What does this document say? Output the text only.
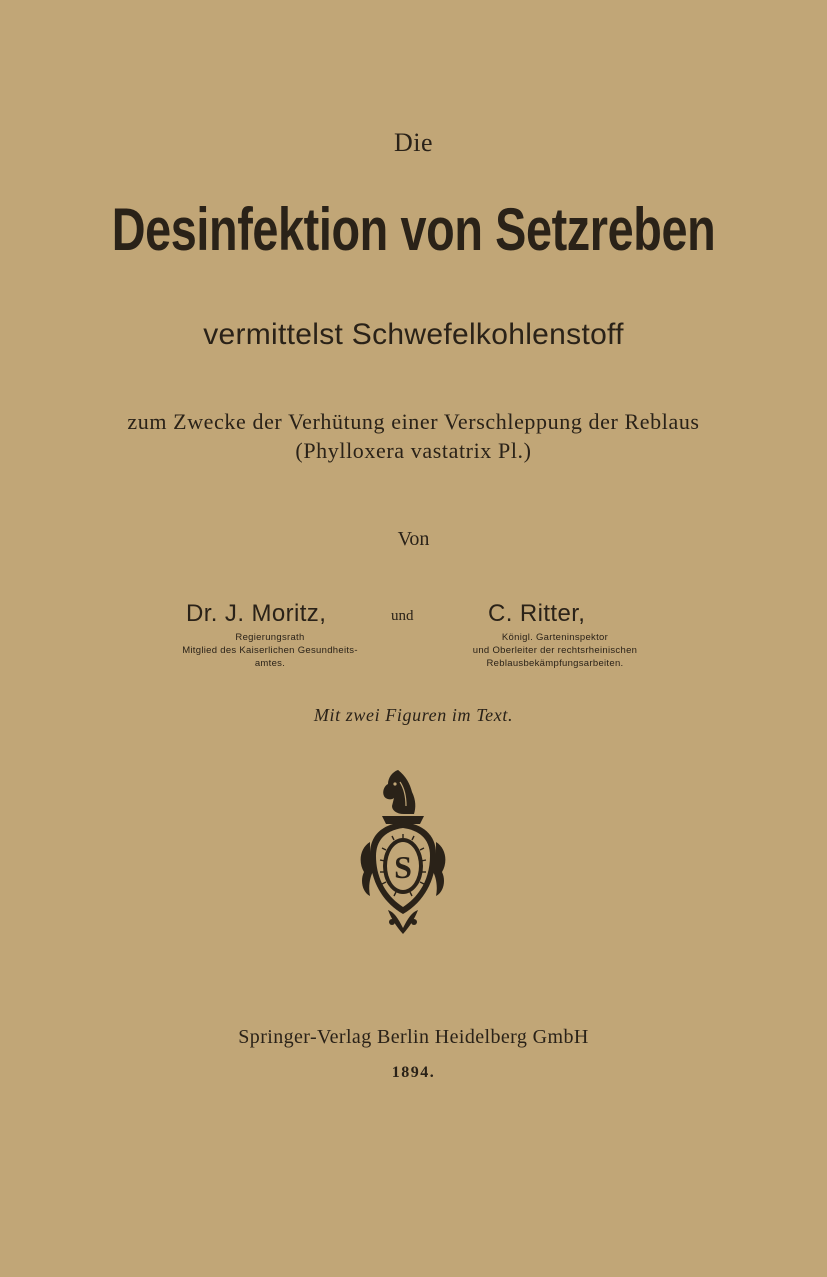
Die
Desinfektion von Setzreben
vermittelst Schwefelkohlenstoff
zum Zwecke der Verhütung einer Verschleppung der Reblaus
(Phylloxera vastatrix Pl.)
Von
Dr. J. Moritz,	und	C. Ritter,
Regierungsrath
Mitglied des Kaiserlichen Gesundheits-
amtes.
Königl. Garteninspektor
und Oberleiter der rechtsrheinischen
Reblausbekämpfungsarbeiten.
Mit zwei Figuren im Text.
S
Springer-Verlag Berlin Heidelberg GmbH
1894.
